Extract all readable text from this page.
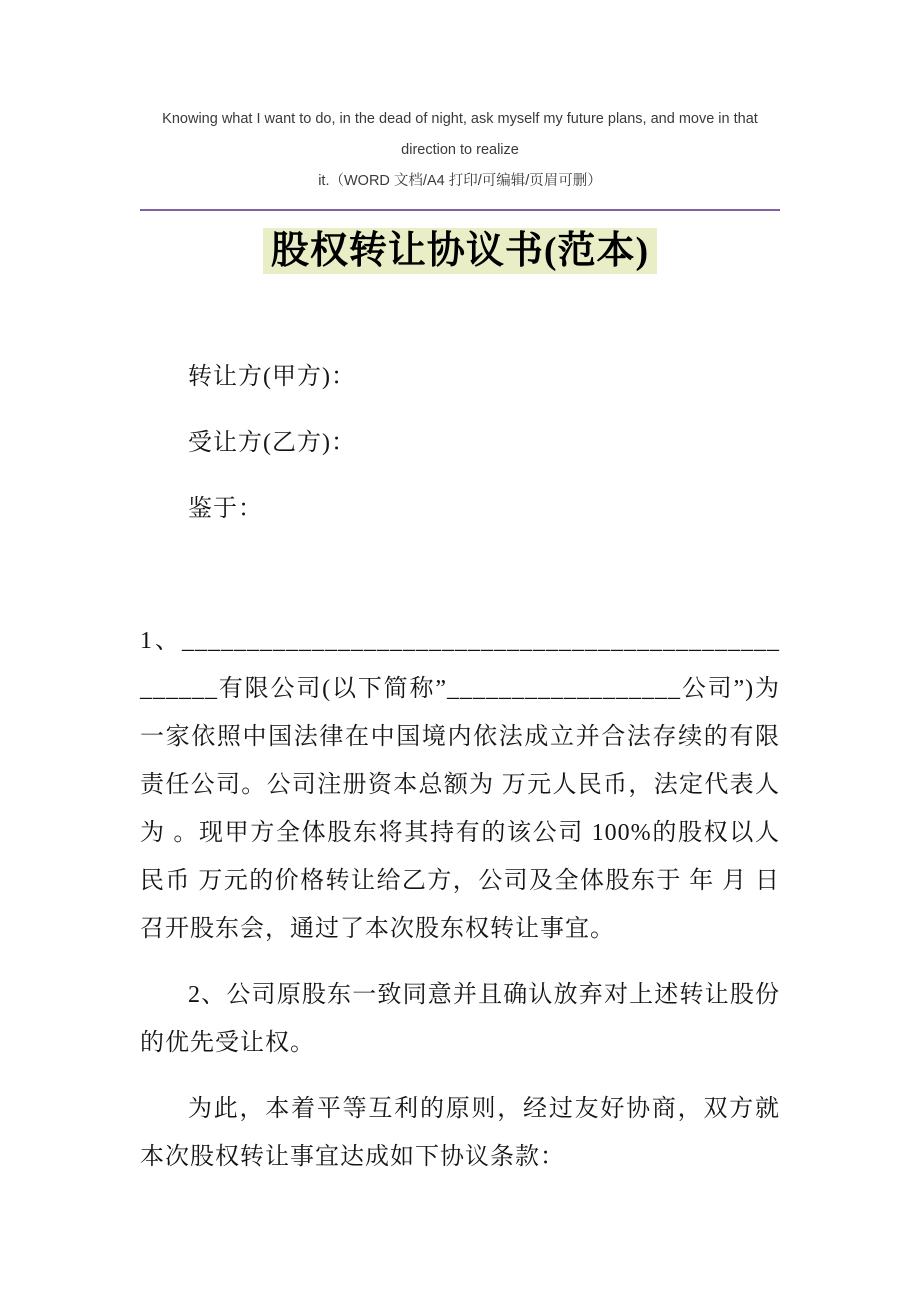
Knowing what I want to do, in the dead of night, ask myself my future plans, and move in that direction to realize
it.（WORD 文档/A4 打印/可编辑/页眉可删）
股权转让协议书(范本)

转让方(甲方)：

受让方(乙方)：

鉴于：

1、____________________________________________________有限公司(以下简称”__________________公司”)为一家依照中国法律在中国境内依法成立并合法存续的有限责任公司。公司注册资本总额为 万元人民币，法定代表人为 。现甲方全体股东将其持有的该公司 100%的股权以人民币 万元的价格转让给乙方，公司及全体股东于 年 月 日召开股东会，通过了本次股东权转让事宜。

2、公司原股东一致同意并且确认放弃对上述转让股份的优先受让权。

为此，本着平等互利的原则，经过友好协商，双方就本次股权转让事宜达成如下协议条款：
